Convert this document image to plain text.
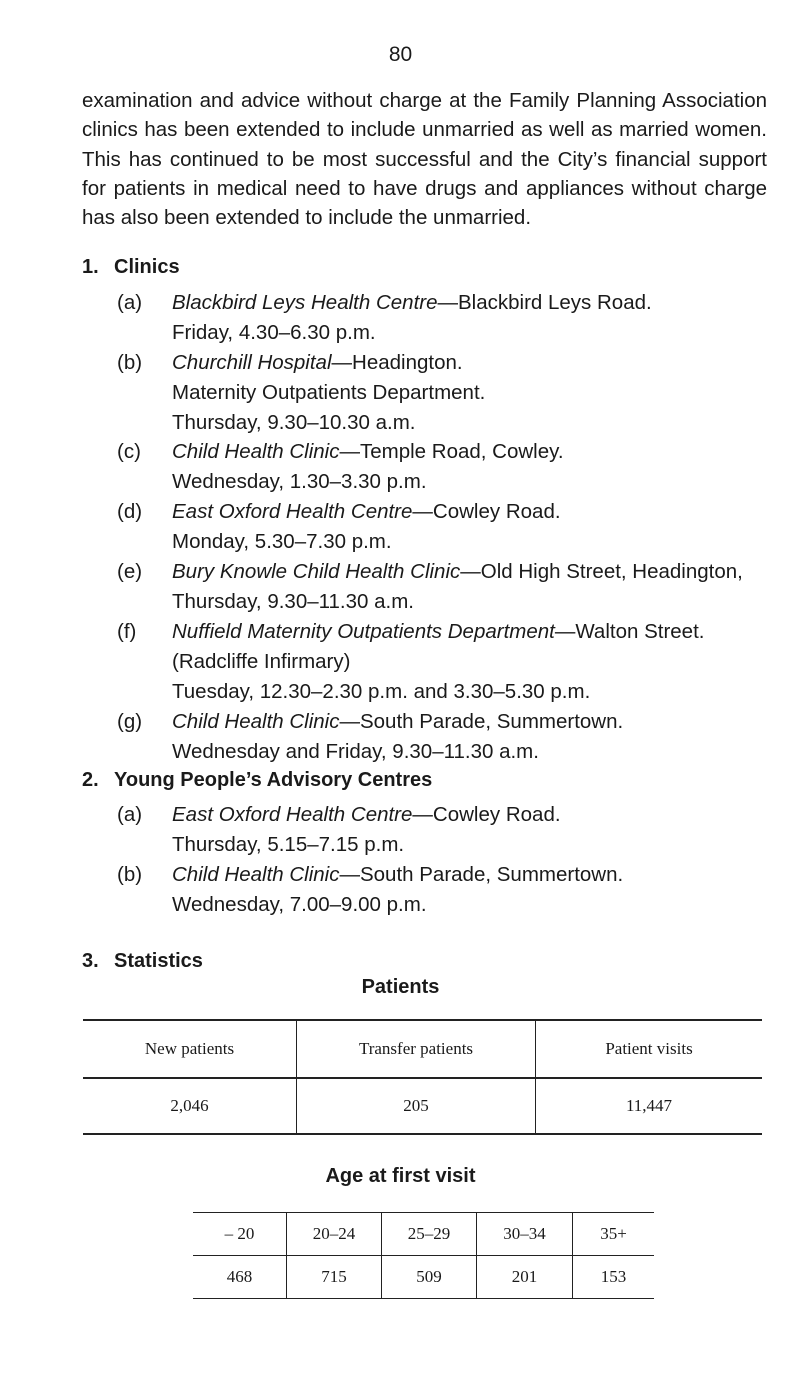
80

examination and advice without charge at the Family Planning Association clinics has been extended to include unmarried as well as married women. This has continued to be most successful and the City’s financial support for patients in medical need to have drugs and appliances without charge has also been extended to include the unmarried.

1. Clinics
(a)	Blackbird Leys Health Centre—Blackbird Leys Road.
Friday, 4.30–6.30 p.m.
(b)	Churchill Hospital—Headington.
Maternity Outpatients Department.
Thursday, 9.30–10.30 a.m.
(c)	Child Health Clinic—Temple Road, Cowley.
Wednesday, 1.30–3.30 p.m.
(d)	East Oxford Health Centre—Cowley Road.
Monday, 5.30–7.30 p.m.
(e)	Bury Knowle Child Health Clinic—Old High Street, Headington,
Thursday, 9.30–11.30 a.m.
(f)	Nuffield Maternity Outpatients Department—Walton Street.
(Radcliffe Infirmary)
Tuesday, 12.30–2.30 p.m. and 3.30–5.30 p.m.
(g)	Child Health Clinic—South Parade, Summertown.
Wednesday and Friday, 9.30–11.30 a.m.
2. Young People’s Advisory Centres
(a)	East Oxford Health Centre—Cowley Road.
Thursday, 5.15–7.15 p.m.
(b)	Child Health Clinic—South Parade, Summertown.
Wednesday, 7.00–9.00 p.m.
3. Statistics
Patients
New patients	Transfer patients	Patient visits
2,046	205	11,447
Age at first visit
– 20	20–24	25–29	30–34	35+
468	715	509	201	153
